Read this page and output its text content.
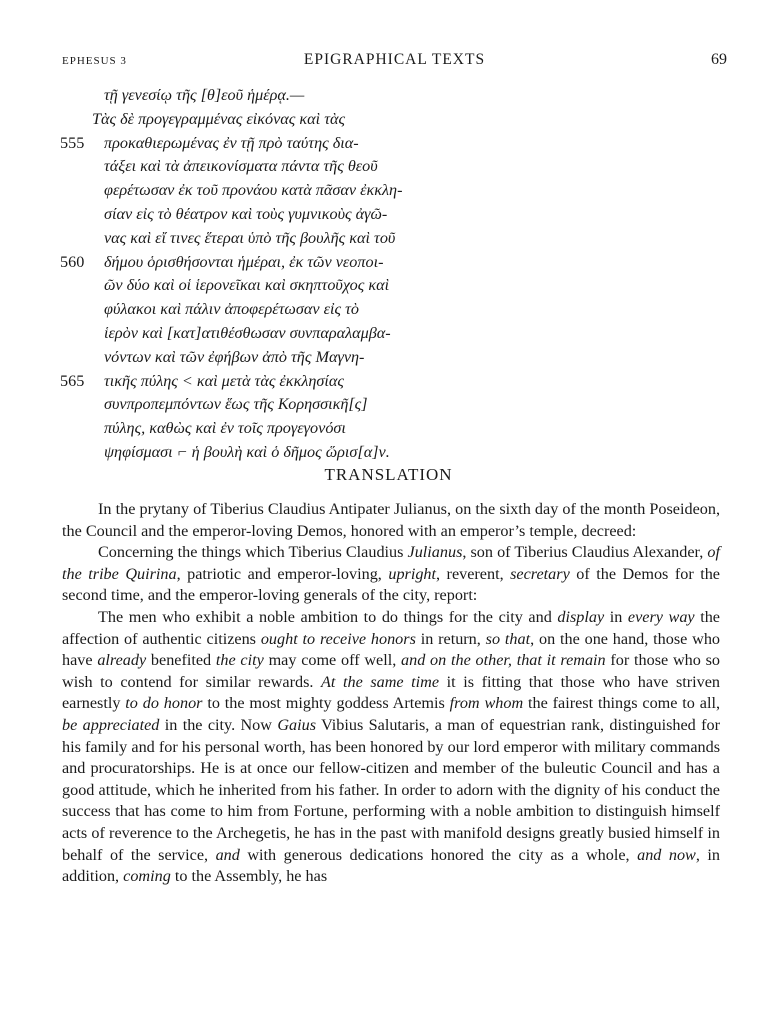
EPHESUS 3	EPIGRAPHICAL TEXTS	69
τῇ γενεσίῳ τῆς [θ]εοῦ ἡμέρᾳ.—
Τὰς δὲ προγεγραμμένας εἰκόνας καὶ τὰς
555	προκαθιερωμένας ἐν τῇ πρὸ ταύτης δια-
τάξει καὶ τὰ ἀπεικονίσματα πάντα τῆς θεοῦ
φερέτωσαν ἐκ τοῦ προνάου κατὰ πᾶσαν ἐκκλη-
σίαν εἰς τὸ θέατρον καὶ τοὺς γυμνικοὺς ἀγῶ-
νας καὶ εἴ τινες ἕτεραι ὑπὸ τῆς βουλῆς καὶ τοῦ
560	δήμου ὁρισθήσονται ἡμέραι, ἐκ τῶν νεοποι-
ῶν δύο καὶ οἱ ἱερονεῖκαι καὶ σκηπτοῦχος καὶ
φύλακοι καὶ πάλιν ἀποφερέτωσαν εἰς τὸ
ἱερὸν καὶ [κατ]ατιθέσθωσαν συνπαραλαμβα-
νόντων καὶ τῶν ἐφήβων ἀπὸ τῆς Μαγνη-
565	τικῆς πύλης < καὶ μετὰ τὰς ἐκκλησίας
συνπροπεμπόντων ἕως τῆς Κορησσικῆ[ς]
πύλης, καθὼς καὶ ἐν τοῖς προγεγονόσι
ψηφίσμασι ⌐ ἡ βουλὴ καὶ ὁ δῆμος ὥρισ[α]ν.
TRANSLATION

In the prytany of Tiberius Claudius Antipater Julianus, on the sixth day of the month Poseideon, the Council and the emperor-loving Demos, honored with an emperor’s temple, decreed:

Concerning the things which Tiberius Claudius Julianus, son of Tiberius Claudius Alexander, of the tribe Quirina, patriotic and emperor-loving, upright, reverent, secretary of the Demos for the second time, and the emperor-loving generals of the city, report:

The men who exhibit a noble ambition to do things for the city and display in every way the affection of authentic citizens ought to receive honors in return, so that, on the one hand, those who have already benefited the city may come off well, and on the other, that it remain for those who so wish to contend for similar rewards. At the same time it is fitting that those who have striven earnestly to do honor to the most mighty goddess Artemis from whom the fairest things come to all, be appreciated in the city. Now Gaius Vibius Salutaris, a man of equestrian rank, distinguished for his family and for his personal worth, has been honored by our lord emperor with military commands and procuratorships. He is at once our fellow-citizen and member of the buleutic Council and has a good attitude, which he inherited from his father. In order to adorn with the dignity of his conduct the success that has come to him from Fortune, performing with a noble ambition to distinguish himself acts of reverence to the Archegetis, he has in the past with manifold designs greatly busied himself in behalf of the service, and with generous dedications honored the city as a whole, and now, in addition, coming to the Assembly, he has
